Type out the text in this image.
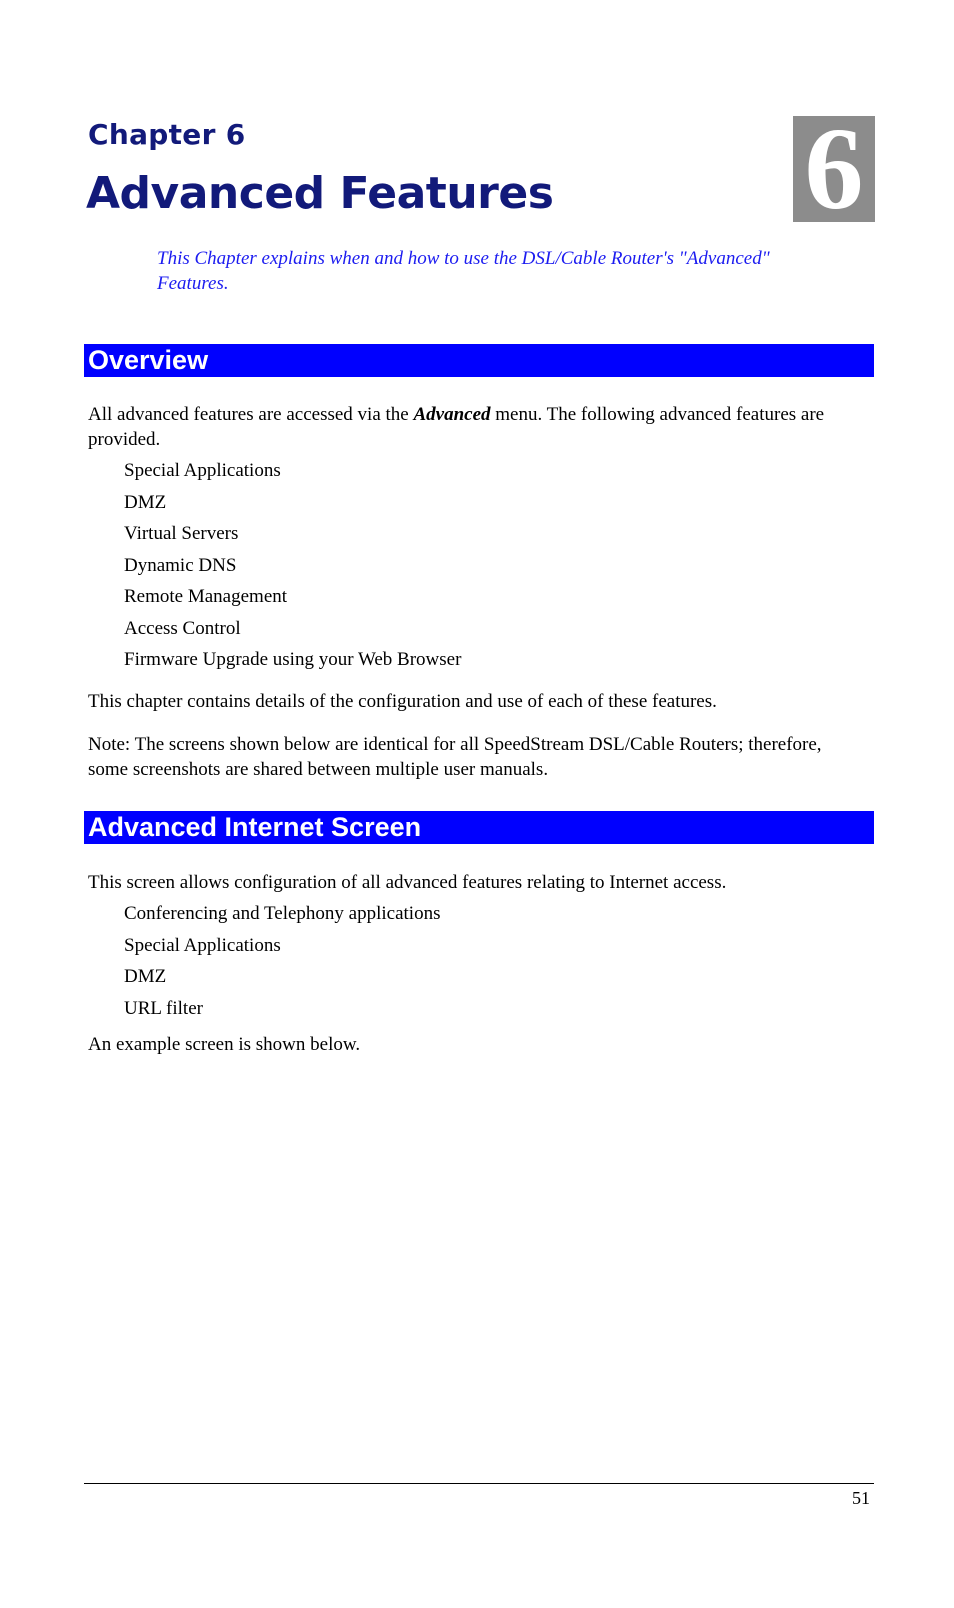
Chapter 6
Advanced Features 6
This Chapter explains when and how to use the DSL/Cable Router's "Advanced" Features.
Overview
All advanced features are accessed via the Advanced menu. The following advanced features are provided.
Special Applications
DMZ
Virtual Servers
Dynamic DNS
Remote Management
Access Control
Firmware Upgrade using your Web Browser
This chapter contains details of the configuration and use of each of these features.
Note: The screens shown below are identical for all SpeedStream DSL/Cable Routers; therefore, some screenshots are shared between multiple user manuals.
Advanced Internet Screen
This screen allows configuration of all advanced features relating to Internet access.
Conferencing and Telephony applications
Special Applications
DMZ
URL filter
An example screen is shown below.
51
